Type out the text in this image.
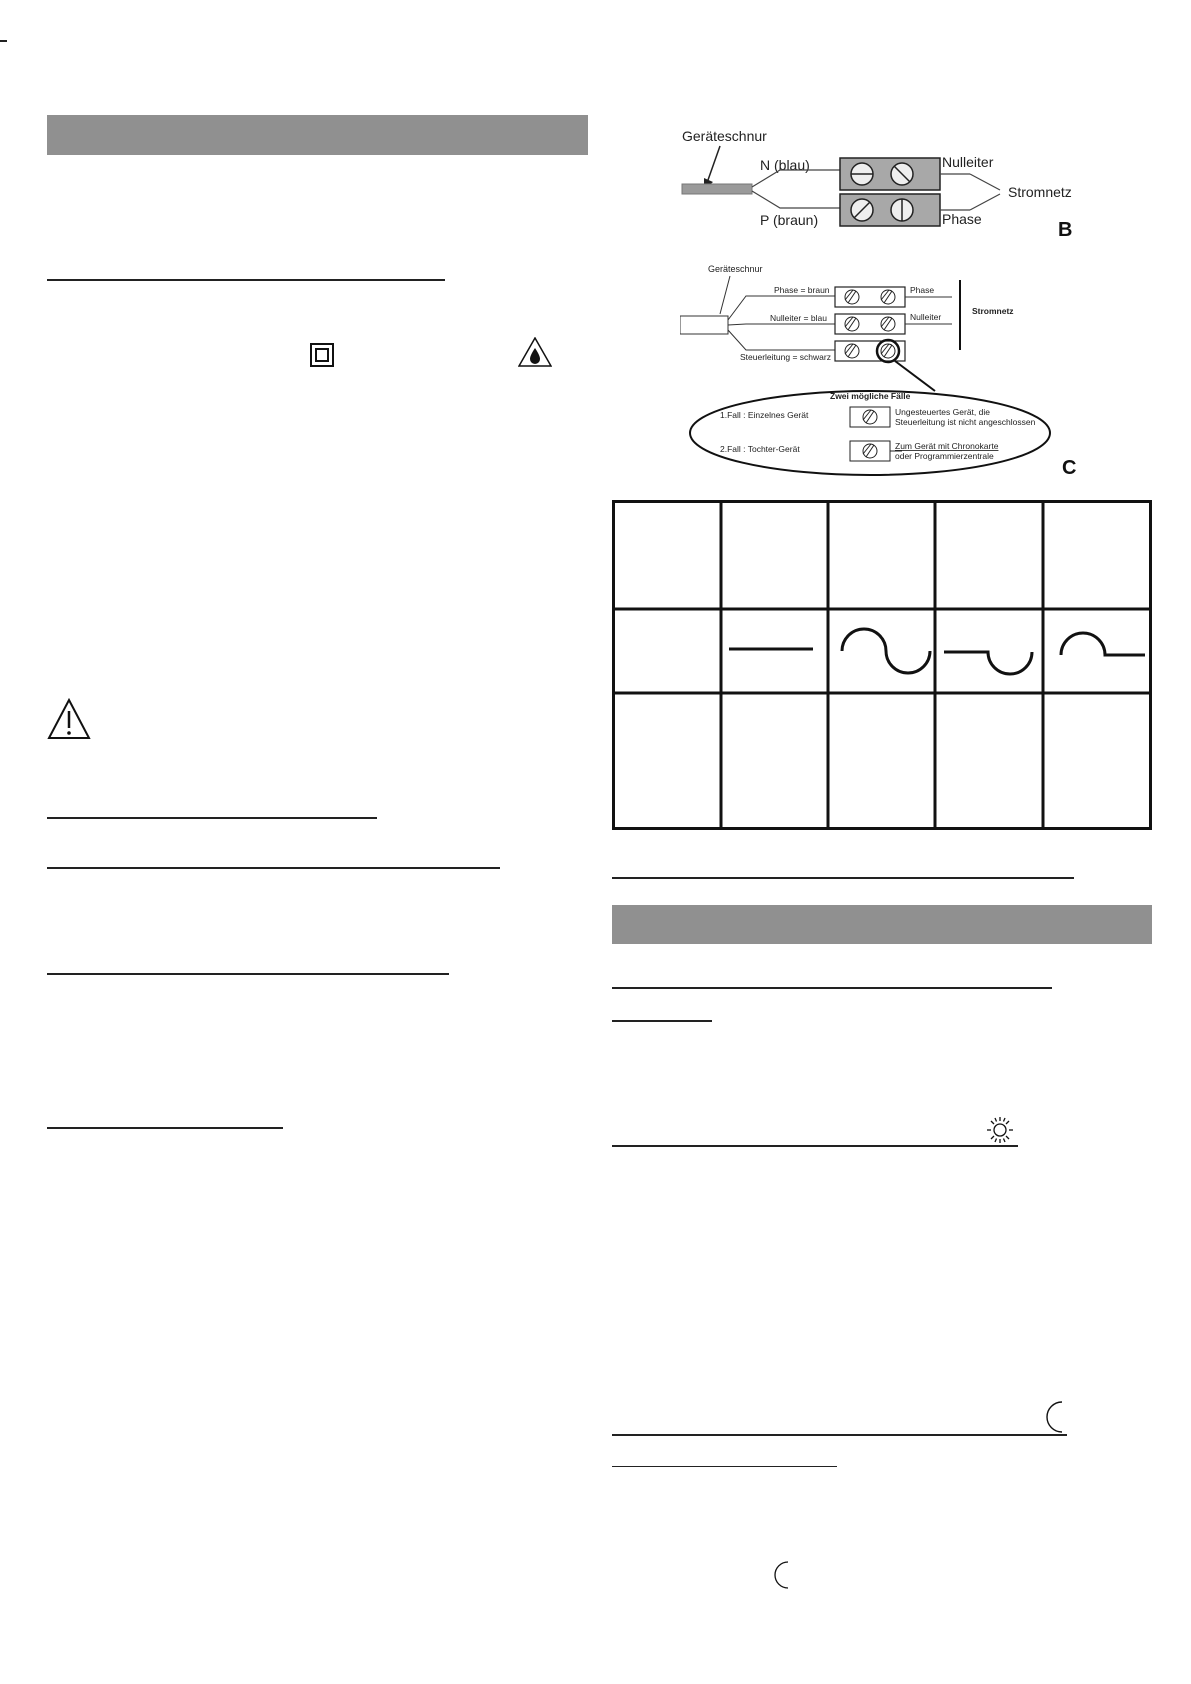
Geräteschnur
N (blau)
P (braun)
Nulleiter
Phase
Stromnetz
B
Geräteschnur
Phase = braun
Nulleiter = blau
Steuerleitung = schwarz
Phase
Nulleiter
Stromnetz
Zwei mögliche Fälle
1.Fall : Einzelnes Gerät
2.Fall : Tochter-Gerät
Ungesteuertes Gerät, die
Steuerleitung ist nicht angeschlossen
Zum Gerät mit Chronokarte
oder Programmierzentrale
C
